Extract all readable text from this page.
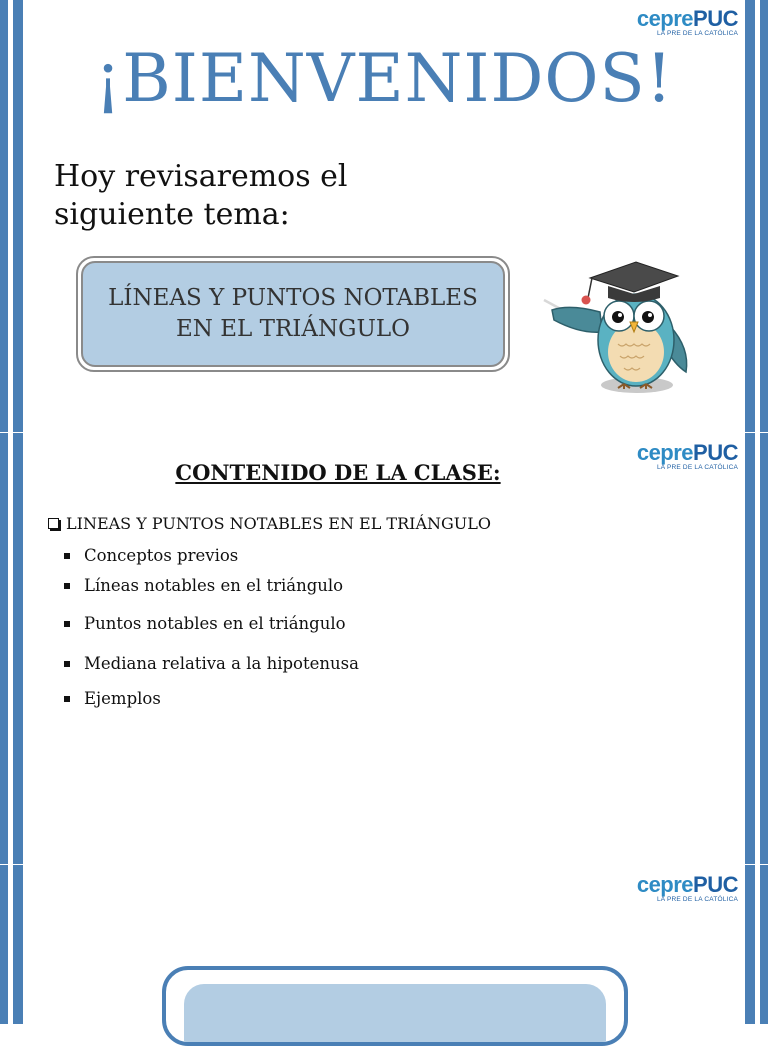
ceprePUC
LA PRE DE LA CATÓLICA
¡BIENVENIDOS!
Hoy revisaremos el siguiente tema:
LÍNEAS Y PUNTOS NOTABLES
EN EL TRIÁNGULO
ceprePUC
LA PRE DE LA CATÓLICA
CONTENIDO DE LA CLASE:
LINEAS Y PUNTOS NOTABLES EN EL TRIÁNGULO
Conceptos previos
Líneas notables en el triángulo
Puntos notables en el triángulo
Mediana relativa a la hipotenusa
Ejemplos
ceprePUC
LA PRE DE LA CATÓLICA
